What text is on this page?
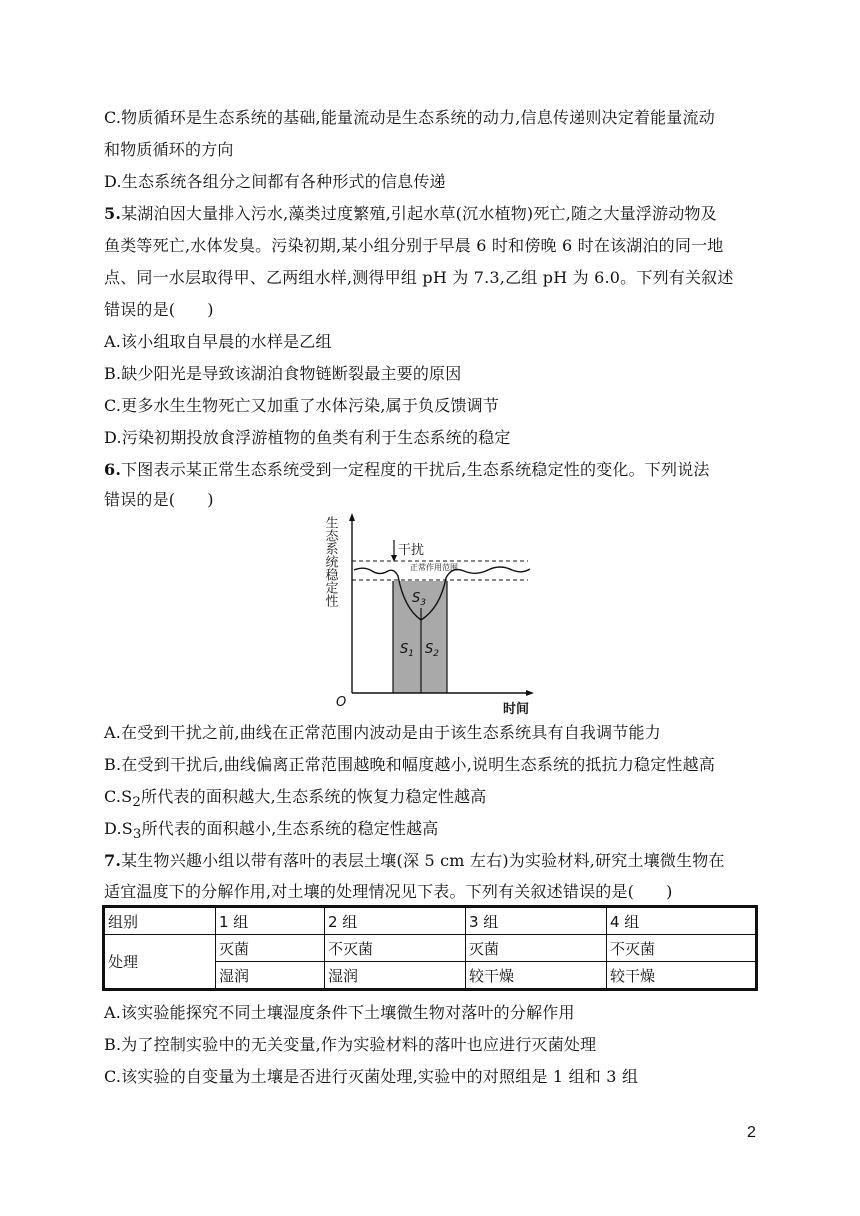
C.物质循环是生态系统的基础,能量流动是生态系统的动力,信息传递则决定着能量流动
和物质循环的方向
D.生态系统各组分之间都有各种形式的信息传递
5.某湖泊因大量排入污水,藻类过度繁殖,引起水草(沉水植物)死亡,随之大量浮游动物及
鱼类等死亡,水体发臭。污染初期,某小组分别于早晨 6 时和傍晚 6 时在该湖泊的同一地
点、同一水层取得甲、乙两组水样,测得甲组 pH 为 7.3,乙组 pH 为 6.0。下列有关叙述
错误的是( )
A.该小组取自早晨的水样是乙组
B.缺少阳光是导致该湖泊食物链断裂最主要的原因
C.更多水生生物死亡又加重了水体污染,属于负反馈调节
D.污染初期投放食浮游植物的鱼类有利于生态系统的稳定
6.下图表示某正常生态系统受到一定程度的干扰后,生态系统稳定性的变化。下列说法
错误的是( )
干扰
正常作用范围
生态系统稳定性
时间
O
$S_3$
$S_1$ $S_2$
A.在受到干扰之前,曲线在正常范围内波动是由于该生态系统具有自我调节能力
B.在受到干扰后,曲线偏离正常范围越晚和幅度越小,说明生态系统的抵抗力稳定性越高
$C.S_2$所代表的面积越大,生态系统的恢复力稳定性越高
$D.S_3$所代表的面积越小,生态系统的稳定性越高
7.某生物兴趣小组以带有落叶的表层土壤(深 5 cm 左右)为实验材料,研究土壤微生物在
适宜温度下的分解作用,对土壤的处理情况见下表。下列有关叙述错误的是( )
组别	1 组	2 组	3 组	4 组
处理	灭菌	不灭菌	灭菌	不灭菌
	湿润	湿润	较干燥	较干燥
A.该实验能探究不同土壤湿度条件下土壤微生物对落叶的分解作用
B.为了控制实验中的无关变量,作为实验材料的落叶也应进行灭菌处理
C.该实验的自变量为土壤是否进行灭菌处理,实验中的对照组是 1 组和 3 组
2
